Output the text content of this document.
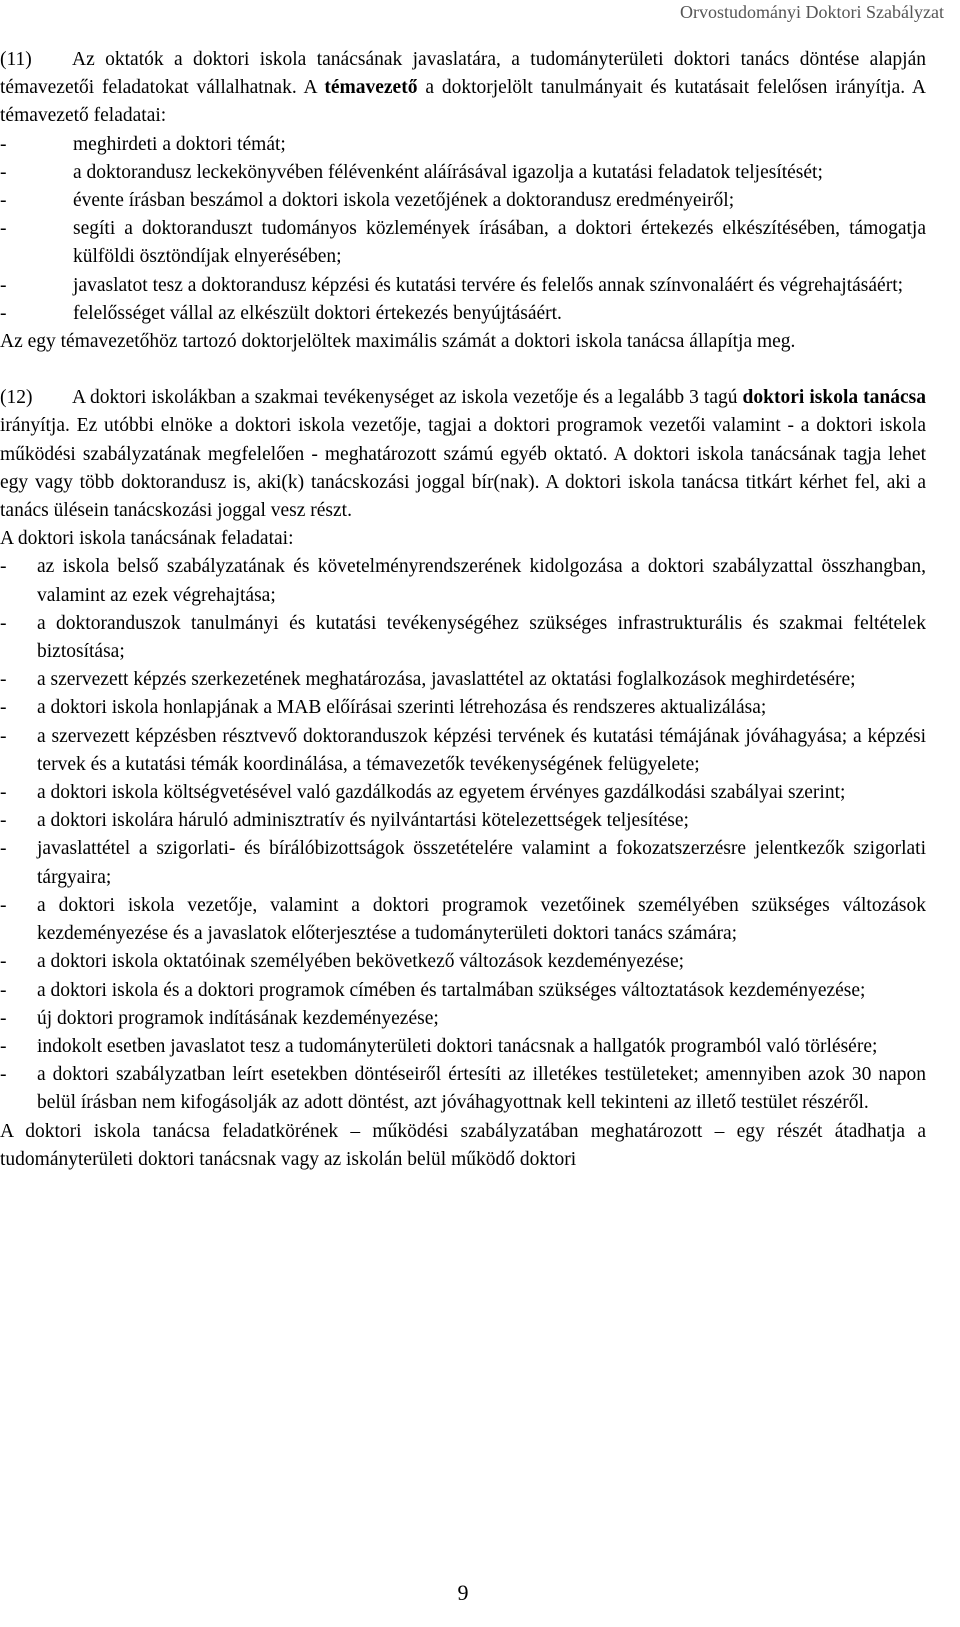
Orvostudományi Doktori Szabályzat

(11) Az oktatók a doktori iskola tanácsának javaslatára, a tudományterületi doktori tanács döntése alapján témavezetői feladatokat vállalhatnak. A témavezető a doktorjelölt tanulmányait és kutatásait felelősen irányítja. A témavezető feladatai:

-	meghirdeti a doktori témát;
-	a doktorandusz leckekönyvében félévenként aláírásával igazolja a kutatási feladatok teljesítését;
-	évente írásban beszámol a doktori iskola vezetőjének a doktorandusz eredményeiről;
-	segíti a doktoranduszt tudományos közlemények írásában, a doktori értekezés elkészítésében, támogatja külföldi ösztöndíjak elnyerésében;
-	javaslatot tesz a doktorandusz képzési és kutatási tervére és felelős annak színvonaláért és végrehajtásáért;
-	felelősséget vállal az elkészült doktori értekezés benyújtásáért.

Az egy témavezetőhöz tartozó doktorjelöltek maximális számát a doktori iskola tanácsa állapítja meg.

(12) A doktori iskolákban a szakmai tevékenységet az iskola vezetője és a legalább 3 tagú doktori iskola tanácsa irányítja. Ez utóbbi elnöke a doktori iskola vezetője, tagjai a doktori programok vezetői valamint - a doktori iskola működési szabályzatának megfelelően - meghatározott számú egyéb oktató. A doktori iskola tanácsának tagja lehet egy vagy több doktorandusz is, aki(k) tanácskozási joggal bír(nak). A doktori iskola tanácsa titkárt kérhet fel, aki a tanács ülésein tanácskozási joggal vesz részt.

A doktori iskola tanácsának feladatai:

- az iskola belső szabályzatának és követelményrendszerének kidolgozása a doktori szabályzattal összhangban, valamint az ezek végrehajtása;
- a doktoranduszok tanulmányi és kutatási tevékenységéhez szükséges infrastrukturális és szakmai feltételek biztosítása;
- a szervezett képzés szerkezetének meghatározása, javaslattétel az oktatási foglalkozások meghirdetésére;
- a doktori iskola honlapjának a MAB előírásai szerinti létrehozása és rendszeres aktualizálása;
- a szervezett képzésben résztvevő doktoranduszok képzési tervének és kutatási témájának jóváhagyása; a képzési tervek és a kutatási témák koordinálása, a témavezetők tevékenységének felügyelete;
- a doktori iskola költségvetésével való gazdálkodás az egyetem érvényes gazdálkodási szabályai szerint;
- a doktori iskolára háruló adminisztratív és nyilvántartási kötelezettségek teljesítése;
- javaslattétel a szigorlati- és bírálóbizottságok összetételére valamint a fokozatszerzésre jelentkezők szigorlati tárgyaira;
- a doktori iskola vezetője, valamint a doktori programok vezetőinek személyében szükséges változások kezdeményezése és a javaslatok előterjesztése a tudományterületi doktori tanács számára;
- a doktori iskola oktatóinak személyében bekövetkező változások kezdeményezése;
- a doktori iskola és a doktori programok címében és tartalmában szükséges változtatások kezdeményezése;
- új doktori programok indításának kezdeményezése;
- indokolt esetben javaslatot tesz a tudományterületi doktori tanácsnak a hallgatók programból való törlésére;
- a doktori szabályzatban leírt esetekben döntéseiről értesíti az illetékes testületeket; amennyiben azok 30 napon belül írásban nem kifogásolják az adott döntést, azt jóváhagyottnak kell tekinteni az illető testület részéről.

A doktori iskola tanácsa feladatkörének – működési szabályzatában meghatározott – egy részét átadhatja a tudományterületi doktori tanácsnak vagy az iskolán belül működő doktori

9
